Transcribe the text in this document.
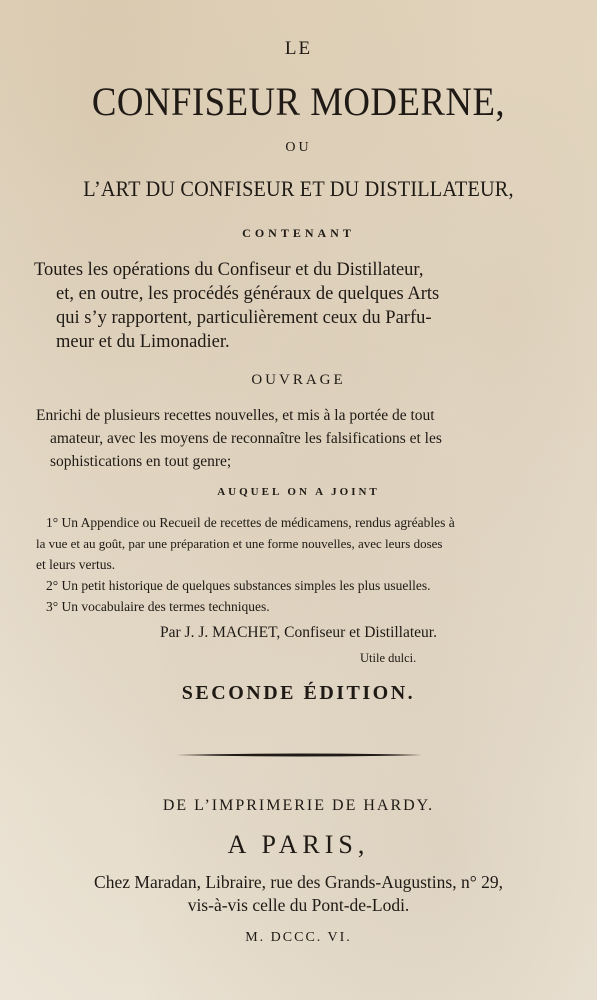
LE
CONFISEUR MODERNE,
OU
L’ART DU CONFISEUR ET DU DISTILLATEUR,
CONTENANT
Toutes les opérations du Confiseur et du Distillateur,
et, en outre, les procédés généraux de quelques Arts
qui s’y rapportent, particulièrement ceux du Parfu-
meur et du Limonadier.
OUVRAGE
Enrichi de plusieurs recettes nouvelles, et mis à la portée de tout
amateur, avec les moyens de reconnaître les falsifications et les
sophistications en tout genre;
AUQUEL ON A JOINT
1° Un Appendice ou Recueil de recettes de médicamens, rendus agréables à
la vue et au goût, par une préparation et une forme nouvelles, avec leurs doses
et leurs vertus.
2° Un petit historique de quelques substances simples les plus usuelles.
3° Un vocabulaire des termes techniques.
Par J. J. MACHET, Confiseur et Distillateur.
Utile dulci.
SECONDE ÉDITION.
DE L’IMPRIMERIE DE HARDY.
A PARIS,
Chez Maradan, Libraire, rue des Grands-Augustins, n° 29,
vis-à-vis celle du Pont-de-Lodi.
M. DCCC. VI.
